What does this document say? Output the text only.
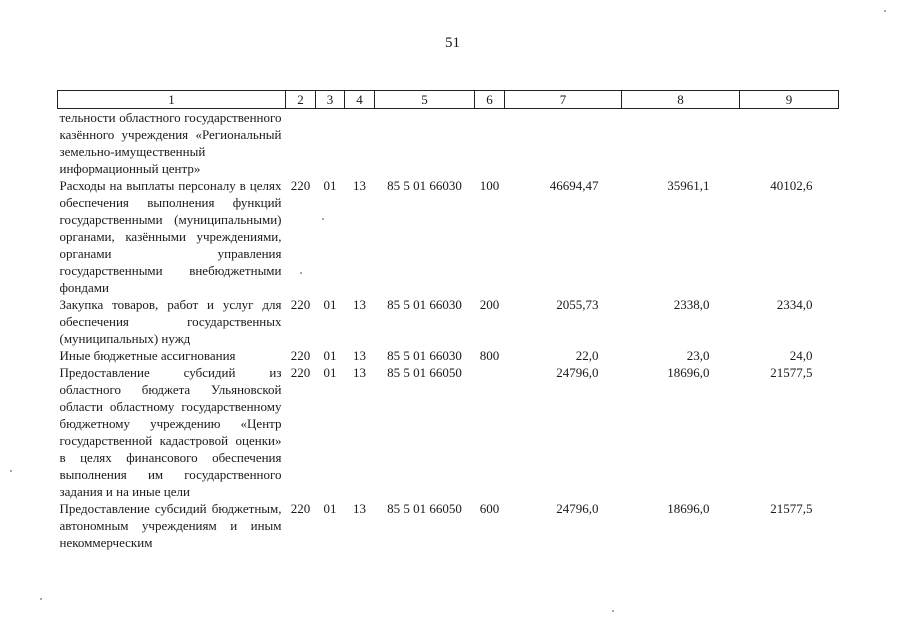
51
1	2	3	4	5	6	7	8	9
тельности областного государственного казённого учреждения «Региональный земельно-имущественный информационный центр»								
Расходы на выплаты персоналу в целях обеспечения выполнения функций государственными (муниципальными) органами, казёнными учреждениями, органами управления государственными внебюджетными фондами	220	01	13	85 5 01 66030	100	46694,47	35961,1	40102,6
Закупка товаров, работ и услуг для обеспечения государственных (муниципальных) нужд	220	01	13	85 5 01 66030	200	2055,73	2338,0	2334,0
Иные бюджетные ассигнования	220	01	13	85 5 01 66030	800	22,0	23,0	24,0
Предоставление субсидий из областного бюджета Ульяновской области областному государственному бюджетному учреждению «Центр государственной кадастровой оценки» в целях финансового обеспечения выполнения им государственного задания и на иные цели	220	01	13	85 5 01 66050		24796,0	18696,0	21577,5
Предоставление субсидий бюджетным, автономным учреждениям и иным некоммерческим	220	01	13	85 5 01 66050	600	24796,0	18696,0	21577,5
